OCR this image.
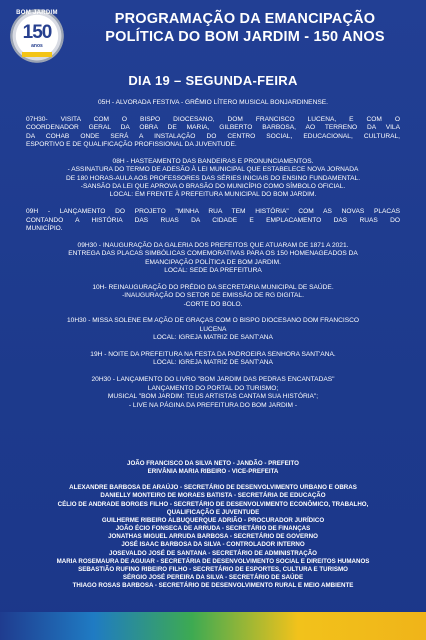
BOM JARDIM
150
anos
PROGRAMAÇÃO DA EMANCIPAÇÃO
POLÍTICA DO BOM JARDIM - 150 ANOS
DIA 19 – SEGUNDA-FEIRA
05H - ALVORADA FESTIVA - GRÊMIO LÍTERO MUSICAL BONJARDINENSE.
07H30- VISITA COM O BISPO DIOCESANO, DOM FRANCISCO LUCENA, E COM O
COORDENADOR GERAL DA OBRA DE MARIA, GILBERTO BARBOSA, AO TERRENO DA VILA
DA COHAB ONDE SERÁ A INSTALAÇÃO DO CENTRO SOCIAL, EDUCACIONAL, CULTURAL,
ESPORTIVO E DE QUALIFICAÇÃO PROFISSIONAL DA JUVENTUDE.
08H - HASTEAMENTO DAS BANDEIRAS E PRONUNCIAMENTOS.
- ASSINATURA DO TERMO DE ADESÃO À LEI MUNICIPAL QUE ESTABELECE NOVA JORNADA
DE 180 HORAS-AULA AOS PROFESSORES DAS SÉRIES INICIAIS DO ENSINO FUNDAMENTAL.
-SANSÃO DA LEI QUE APROVA O BRASÃO DO MUNICÍPIO COMO SÍMBOLO OFICIAL.
LOCAL: EM FRENTE À PREFEITURA MUNICIPAL DO BOM JARDIM.
09H - LANÇAMENTO DO PROJETO "MINHA RUA TEM HISTÓRIA" COM AS NOVAS PLACAS
CONTANDO A HISTÓRIA DAS RUAS DA CIDADE E EMPLACAMENTO DAS RUAS DO
MUNICÍPIO.
09H30 - INAUGURAÇÃO DA GALERIA DOS PREFEITOS QUE ATUARAM DE 1871 A 2021.
ENTREGA DAS PLACAS SIMBÓLICAS COMEMORATIVAS PARA OS 150 HOMENAGEADOS DA
EMANCIPAÇÃO POLÍTICA DE BOM JARDIM.
LOCAL: SEDE DA PREFEITURA
10H- REINAUGURAÇÃO DO PRÉDIO DA SECRETARIA MUNICIPAL DE SAÚDE.
-INAUGURAÇÃO DO SETOR DE EMISSÃO DE RG DIGITAL.
-CORTE DO BOLO.
10H30 - MISSA SOLENE EM AÇÃO DE GRAÇAS COM O BISPO DIOCESANO DOM FRANCISCO
LUCENA
LOCAL: IGREJA MATRIZ DE SANT'ANA
19H - NOITE DA PREFEITURA NA FESTA DA PADROEIRA SENHORA SANT'ANA.
LOCAL: IGREJA MATRIZ DE SANT'ANA
20H30 - LANÇAMENTO DO LIVRO "BOM JARDIM DAS PEDRAS ENCANTADAS"
LANÇAMENTO DO PORTAL DO TURISMO;
MUSICAL "BOM JARDIM: TEUS ARTISTAS CANTAM SUA HISTÓRIA";
- LIVE NA PÁGINA DA PREFEITURA DO BOM JARDIM -
JOÃO FRANCISCO DA SILVA NETO - JANDÃO - PREFEITO
ERIVÂNIA MARIA RIBEIRO - VICE-PREFEITA
ALEXANDRE BARBOSA DE ARAÚJO - SECRETÁRIO DE DESENVOLVIMENTO URBANO E OBRAS
DANIELLY MONTEIRO DE MORAES BATISTA - SECRETÁRIA DE EDUCAÇÃO
CÉLIO DE ANDRADE BORGES FILHO - SECRETÁRIO DE DESENVOLVIMENTO ECONÔMICO, TRABALHO,
QUALIFICAÇÃO E JUVENTUDE
GUILHERME RIBEIRO ALBUQUERQUE ADRIÃO - PROCURADOR JURÍDICO
JOÃO ÉCIO FONSECA DE ARRUDA - SECRETÁRIO DE FINANÇAS
JONATHAS MIGUEL ARRUDA BARBOSA - SECRETÁRIO DE GOVERNO
JOSÉ ISAAC BARBOSA DA SILVA - CONTROLADOR INTERNO
JOSEVALDO JOSÉ DE SANTANA - SECRETÁRIO DE ADMINISTRAÇÃO
MARIA ROSEMAURA DE AGUIAR - SECRETÁRIA DE DESENVOLVIMENTO SOCIAL E DIREITOS HUMANOS
SEBASTIÃO RUFINO RIBEIRO FILHO - SECRETÁRIO DE ESPORTES, CULTURA E TURISMO
SÉRGIO JOSÉ PEREIRA DA SILVA - SECRETÁRIO DE SAÚDE
THIAGO ROSAS BARBOSA - SECRETÁRIO DE DESENVOLVIMENTO RURAL E MEIO AMBIENTE
